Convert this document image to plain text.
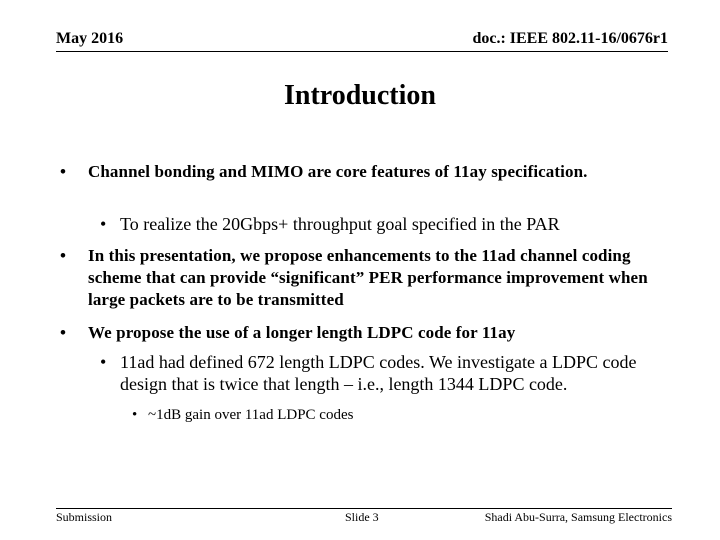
May 2016	doc.: IEEE 802.11-16/0676r1
Introduction
• Channel bonding and MIMO are core features of 11ay specification.
• To realize the 20Gbps+ throughput goal specified in the PAR
• In this presentation, we propose enhancements to the 11ad channel coding scheme that can provide “significant” PER performance improvement when large packets are to be transmitted
• We propose the use of a longer length LDPC code for 11ay
• 11ad had defined 672 length LDPC codes. We investigate a LDPC code design that is twice that length – i.e., length 1344 LDPC code.
• ~1dB gain over 11ad LDPC codes
Submission	Slide 3	Shadi Abu-Surra, Samsung Electronics
